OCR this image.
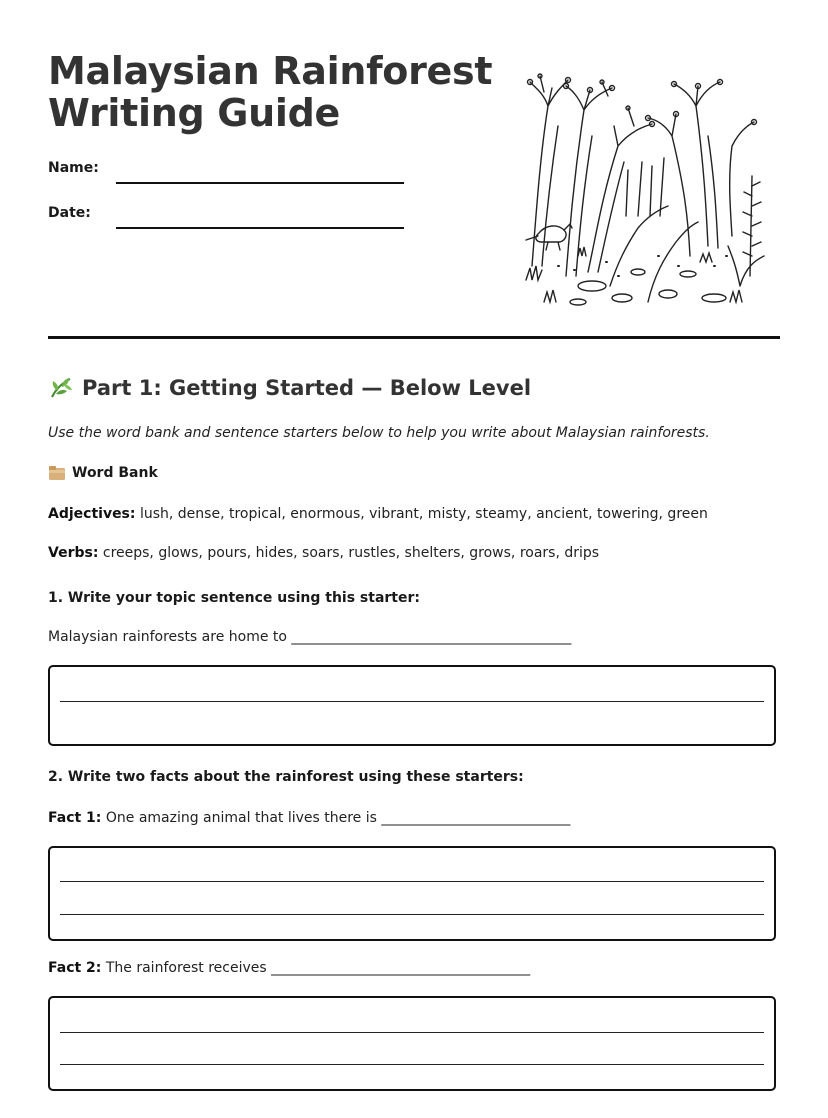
Malaysian Rainforest
Writing Guide
Name:
Date:
Part 1: Getting Started — Below Level
Use the word bank and sentence starters below to help you write about Malaysian rainforests.
Word Bank
Adjectives: lush, dense, tropical, enormous, vibrant, misty, steamy, ancient, towering, green
Verbs: creeps, glows, pours, hides, soars, rustles, shelters, grows, roars, drips
1. Write your topic sentence using this starter:
Malaysian rainforests are home to ________________________________________
2. Write two facts about the rainforest using these starters:
Fact 1: One amazing animal that lives there is ___________________________
Fact 2: The rainforest receives _____________________________________
